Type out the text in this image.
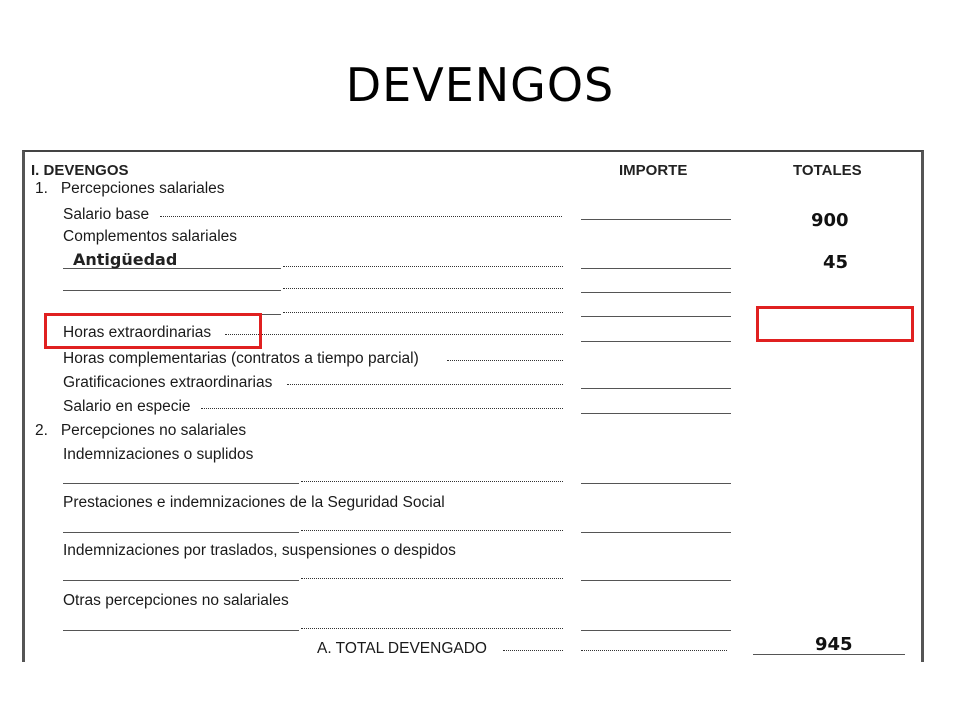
DEVENGOS
I. DEVENGOS	IMPORTE	TOTALES
1.   Percepciones salariales
Salario base
Complementos salariales
Horas extraordinarias
Horas complementarias (contratos a tiempo parcial)
Gratificaciones extraordinarias
Salario en especie
2.   Percepciones no salariales
Indemnizaciones o suplidos
Prestaciones e indemnizaciones de la Seguridad Social
Indemnizaciones por traslados, suspensiones o despidos
Otras percepciones no salariales
A. TOTAL DEVENGADO
Antigüedad
900
45
945
